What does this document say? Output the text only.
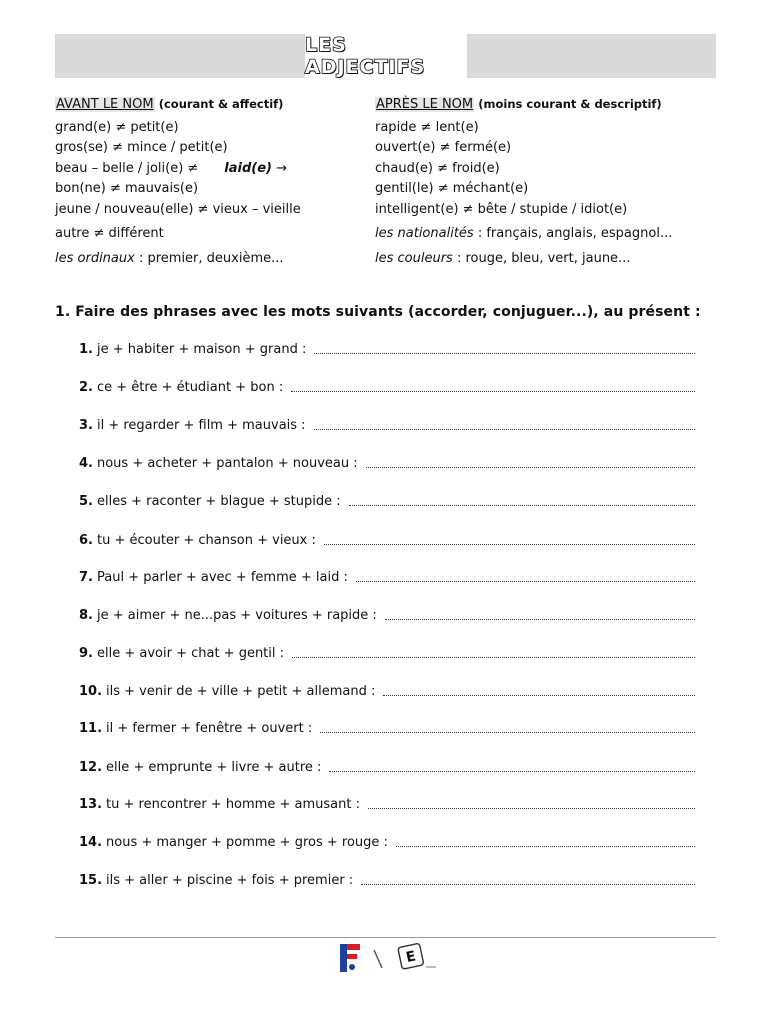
LES ADJECTIFS
AVANT LE NOM (courant & affectif)
grand(e) ≠ petit(e)
gros(se) ≠ mince / petit(e)
beau – belle / joli(e) ≠ laid(e) →
bon(ne) ≠ mauvais(e)
jeune / nouveau(elle) ≠ vieux – vieille
autre ≠ différent
les ordinaux : premier, deuxième...
APRÈS LE NOM (moins courant & descriptif)
rapide ≠ lent(e)
ouvert(e) ≠ fermé(e)
chaud(e) ≠ froid(e)
gentil(le) ≠ méchant(e)
intelligent(e) ≠ bête / stupide / idiot(e)
les nationalités : français, anglais, espagnol...
les couleurs : rouge, bleu, vert, jaune...
1. Faire des phrases avec les mots suivants (accorder, conjuguer...), au présent :
1. je + habiter + maison + grand :
2. ce + être + étudiant + bon :
3. il + regarder + film + mauvais :
4. nous + acheter + pantalon + nouveau :
5. elles + raconter + blague + stupide :
6. tu + écouter + chanson + vieux :
7. Paul + parler + avec + femme + laid :
8. je + aimer + ne...pas + voitures + rapide :
9. elle + avoir + chat + gentil :
10. ils + venir de + ville + petit + allemand :
11. il + fermer + fenêtre + ouvert :
12. elle + emprunte + livre + autre :
13. tu + rencontrer + homme + amusant :
14. nous + manger + pomme + gros + rouge :
15. ils + aller + piscine + fois + premier :
E
